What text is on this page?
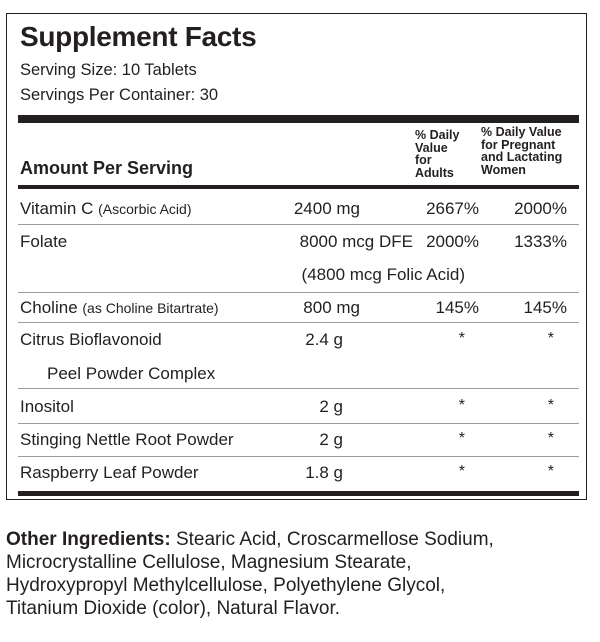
Supplement Facts
Serving Size: 10 Tablets
Servings Per Container: 30
% Daily
Value
for
Adults
% Daily Value
for Pregnant
and Lactating
Women
Amount Per Serving
Vitamin C (Ascorbic Acid)	2400 mg	2667% 2000%
Folate	8000 mcg DFE
(4800 mcg Folic Acid)
2000% 1333%
Choline (as Choline Bitartrate)	800 mg	145%	145%
Citrus Bioflavonoid
Peel Powder Complex
2.4 g	*	*
Inositol	2 g	*	*
Stinging Nettle Root Powder	2 g	*	*
Raspberry Leaf Powder	1.8 g	*	*
Other Ingredients: Stearic Acid, Croscarmellose Sodium,
Microcrystalline Cellulose, Magnesium Stearate,
Hydroxypropyl Methylcellulose, Polyethylene Glycol,
Titanium Dioxide (color), Natural Flavor.
